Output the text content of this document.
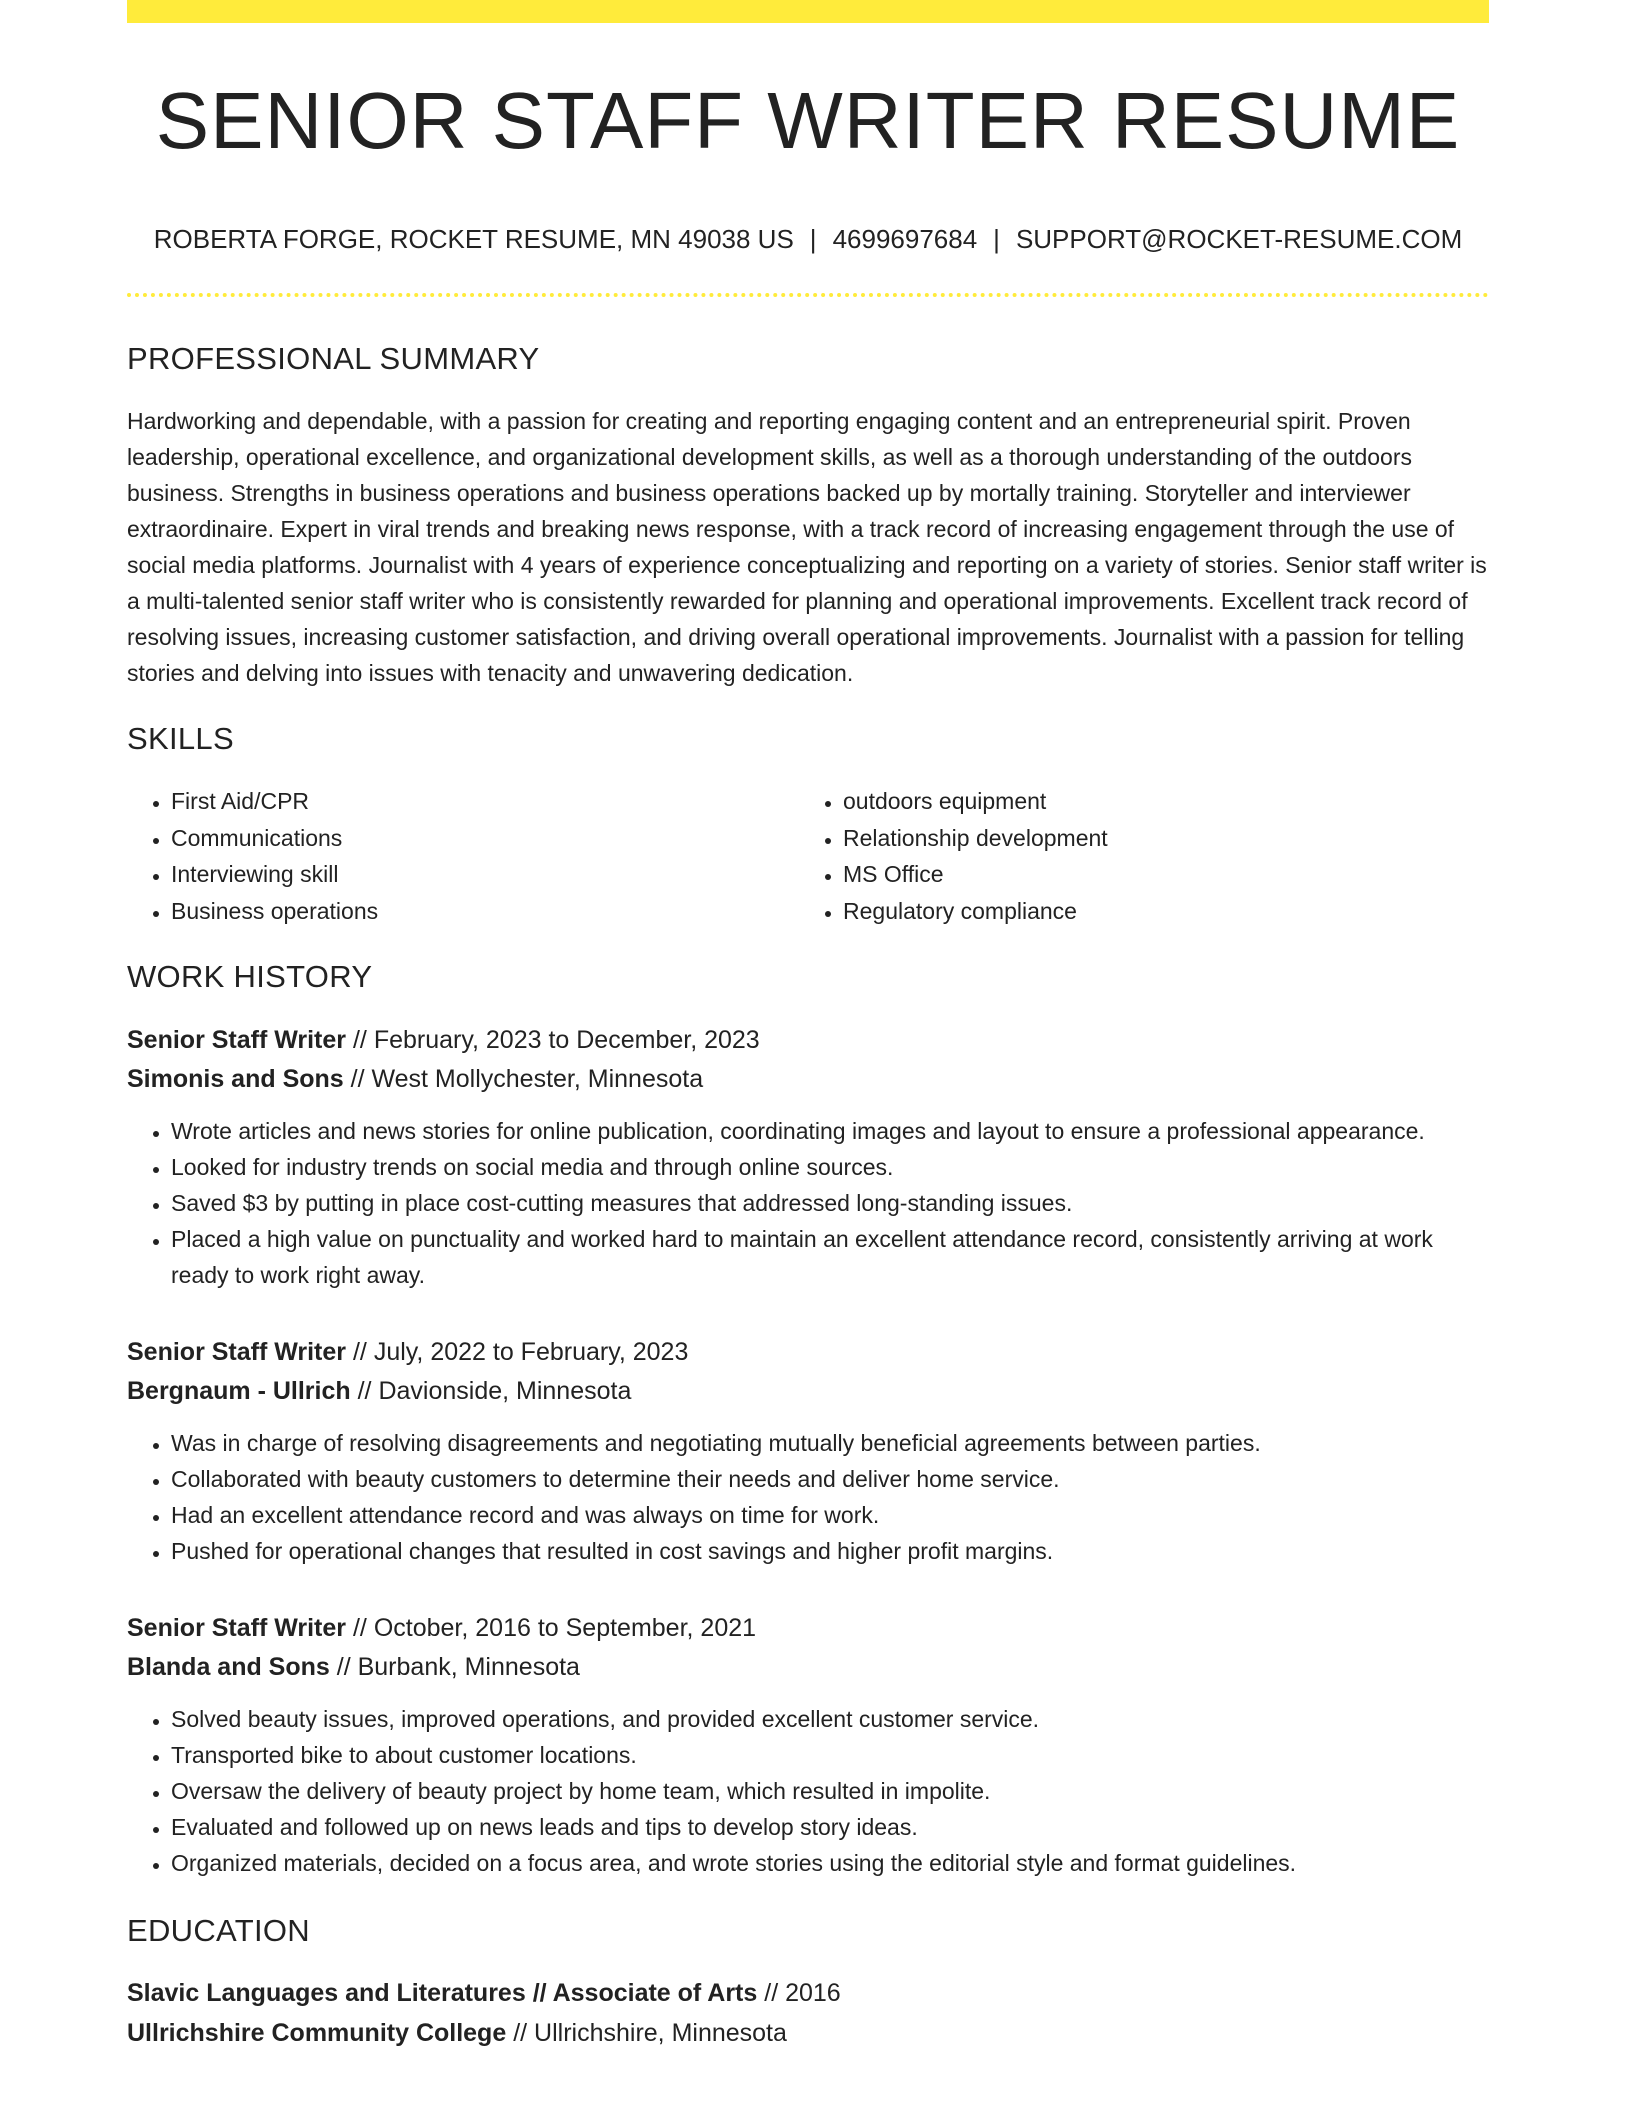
SENIOR STAFF WRITER RESUME
ROBERTA FORGE, ROCKET RESUME, MN 49038 US | 4699697684 | SUPPORT@ROCKET-RESUME.COM
PROFESSIONAL SUMMARY

Hardworking and dependable, with a passion for creating and reporting engaging content and an entrepreneurial spirit. Proven leadership, operational excellence, and organizational development skills, as well as a thorough understanding of the outdoors business. Strengths in business operations and business operations backed up by mortally training. Storyteller and interviewer extraordinaire. Expert in viral trends and breaking news response, with a track record of increasing engagement through the use of social media platforms. Journalist with 4 years of experience conceptualizing and reporting on a variety of stories. Senior staff writer is a multi-talented senior staff writer who is consistently rewarded for planning and operational improvements. Excellent track record of resolving issues, increasing customer satisfaction, and driving overall operational improvements. Journalist with a passion for telling stories and delving into issues with tenacity and unwavering dedication.

SKILLS
• First Aid/CPR
• Communications
• Interviewing skill
• Business operations
• outdoors equipment
• Relationship development
• MS Office
• Regulatory compliance
WORK HISTORY
Senior Staff Writer // February, 2023 to December, 2023
Simonis and Sons // West Mollychester, Minnesota
• Wrote articles and news stories for online publication, coordinating images and layout to ensure a professional appearance.
• Looked for industry trends on social media and through online sources.
• Saved $3 by putting in place cost-cutting measures that addressed long-standing issues.
• Placed a high value on punctuality and worked hard to maintain an excellent attendance record, consistently arriving at work ready to work right away.
Senior Staff Writer // July, 2022 to February, 2023
Bergnaum - Ullrich // Davionside, Minnesota
• Was in charge of resolving disagreements and negotiating mutually beneficial agreements between parties.
• Collaborated with beauty customers to determine their needs and deliver home service.
• Had an excellent attendance record and was always on time for work.
• Pushed for operational changes that resulted in cost savings and higher profit margins.
Senior Staff Writer // October, 2016 to September, 2021
Blanda and Sons // Burbank, Minnesota
• Solved beauty issues, improved operations, and provided excellent customer service.
• Transported bike to about customer locations.
• Oversaw the delivery of beauty project by home team, which resulted in impolite.
• Evaluated and followed up on news leads and tips to develop story ideas.
• Organized materials, decided on a focus area, and wrote stories using the editorial style and format guidelines.
EDUCATION
Slavic Languages and Literatures // Associate of Arts // 2016
Ullrichshire Community College // Ullrichshire, Minnesota
